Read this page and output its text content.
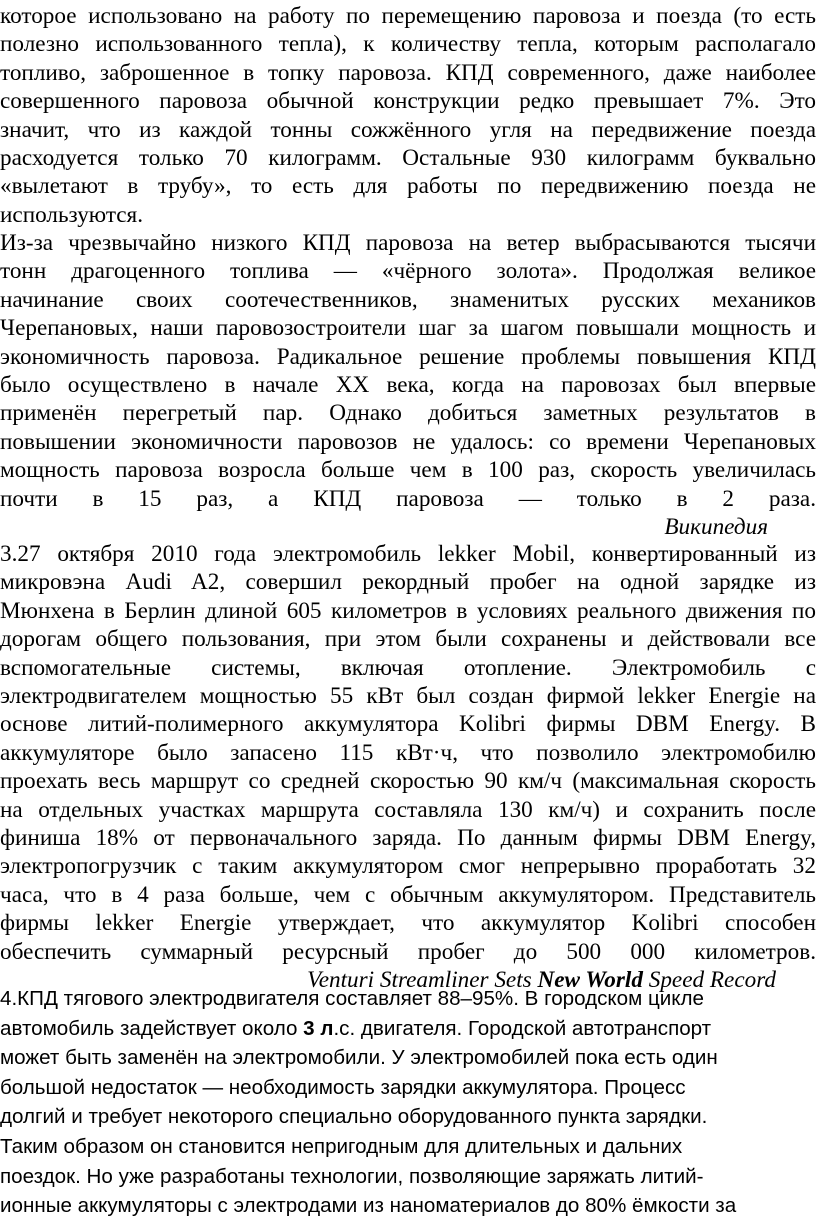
которое использовано на работу по перемещению паровоза и поезда (то есть
полезно использованного тепла), к количеству тепла, которым располагало
топливо, заброшенное в топку паровоза. КПД современного, даже наиболее
совершенного паровоза обычной конструкции редко превышает 7%. Это
значит, что из каждой тонны сожжённого угля на передвижение поезда
расходуется только 70 килограмм. Остальные 930 килограмм буквально
«вылетают в трубу», то есть для работы по передвижению поезда не
используются.
Из-за чрезвычайно низкого КПД паровоза на ветер выбрасываются тысячи
тонн драгоценного топлива — «чёрного золота». Продолжая великое
начинание своих соотечественников, знаменитых русских механиков
Черепановых, наши паровозостроители шаг за шагом повышали мощность и
экономичность паровоза. Радикальное решение проблемы повышения КПД
было осуществлено в начале XX века, когда на паровозах был впервые
применён перегретый пар. Однако добиться заметных результатов в
повышении экономичности паровозов не удалось: со времени Черепановых
мощность паровоза возросла больше чем в 100 раз, скорость увеличилась
почти в 15 раз, а КПД паровоза — только в 2 раза.
Википедия
3.27 октября 2010 года электромобиль lekker Mobil, конвертированный из
микровэна Audi A2, совершил рекордный пробег на одной зарядке из
Мюнхена в Берлин длиной 605 километров в условиях реального движения по
дорогам общего пользования, при этом были сохранены и действовали все
вспомогательные системы, включая отопление. Электромобиль с
электродвигателем мощностью 55 кВт был создан фирмой lekker Energie на
основе литий-полимерного аккумулятора Kolibri фирмы DBM Energy. В
аккумуляторе было запасено 115 кВт·ч, что позволило электромобилю
проехать весь маршрут со средней скоростью 90 км/ч (максимальная скорость
на отдельных участках маршрута составляла 130 км/ч) и сохранить после
финиша 18% от первоначального заряда. По данным фирмы DBM Energy,
электропогрузчик с таким аккумулятором смог непрерывно проработать 32
часа, что в 4 раза больше, чем с обычным аккумулятором. Представитель
фирмы lekker Energie утверждает, что аккумулятор Kolibri способен
обеспечить суммарный ресурсный пробег до 500 000 километров.
Venturi Streamliner Sets New World Speed Record
4.КПД тягового электродвигателя составляет 88–95%. В городском цикле
автомобиль задействует около 3 л.с. двигателя. Городской автотранспорт
может быть заменён на электромобили. У электромобилей пока есть один
большой недостаток — необходимость зарядки аккумулятора. Процесс
долгий и требует некоторого специально оборудованного пункта зарядки.
Таким образом он становится непригодным для длительных и дальних
поездок. Но уже разработаны технологии, позволяющие заряжать литий-
ионные аккумуляторы с электродами из наноматериалов до 80% ёмкости за
